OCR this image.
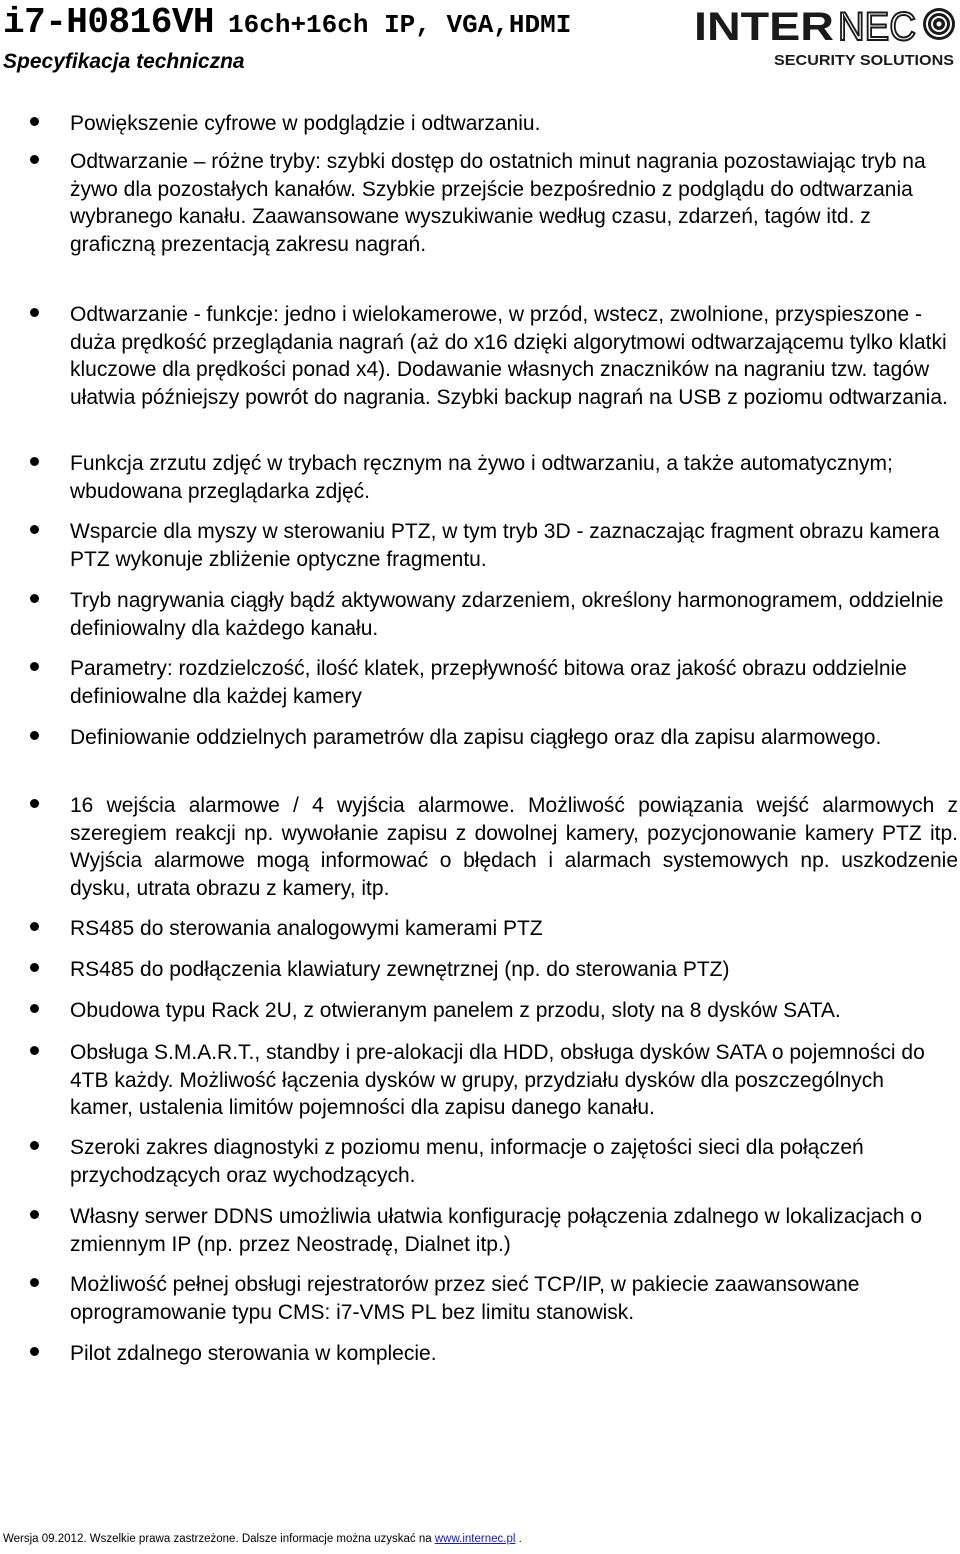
i7-H0816VH 16ch+16ch IP, VGA,HDMI
Specyfikacja techniczna
INTER NEC
SECURITY SOLUTIONS
Powiększenie cyfrowe w podglądzie i odtwarzaniu.
Odtwarzanie – różne tryby: szybki dostęp do ostatnich minut nagrania pozostawiając tryb na żywo dla pozostałych kanałów. Szybkie przejście bezpośrednio z podglądu do odtwarzania wybranego kanału. Zaawansowane wyszukiwanie według czasu, zdarzeń, tagów itd. z graficzną prezentacją zakresu nagrań.
Odtwarzanie - funkcje: jedno i wielokamerowe, w przód, wstecz, zwolnione, przyspieszone - duża prędkość przeglądania nagrań (aż do x16 dzięki algorytmowi odtwarzającemu tylko klatki kluczowe dla prędkości ponad x4). Dodawanie własnych znaczników na nagraniu tzw. tagów ułatwia późniejszy powrót do nagrania. Szybki backup nagrań na USB z poziomu odtwarzania.
Funkcja zrzutu zdjęć w trybach ręcznym na żywo i odtwarzaniu, a także automatycznym; wbudowana przeglądarka zdjęć.
Wsparcie dla myszy w sterowaniu PTZ, w tym tryb 3D - zaznaczając fragment obrazu kamera PTZ wykonuje zbliżenie optyczne fragmentu.
Tryb nagrywania ciągły bądź aktywowany zdarzeniem, określony harmonogramem, oddzielnie definiowalny dla każdego kanału.
Parametry: rozdzielczość, ilość klatek, przepływność bitowa oraz jakość obrazu oddzielnie definiowalne dla każdej kamery
Definiowanie oddzielnych parametrów dla zapisu ciągłego oraz dla zapisu alarmowego.
16 wejścia alarmowe / 4 wyjścia alarmowe. Możliwość powiązania wejść alarmowych z szeregiem reakcji np. wywołanie zapisu z dowolnej kamery, pozycjonowanie kamery PTZ itp. Wyjścia alarmowe mogą informować o błędach i alarmach systemowych np. uszkodzenie dysku, utrata obrazu z kamery, itp.
RS485 do sterowania analogowymi kamerami PTZ
RS485 do podłączenia klawiatury zewnętrznej (np. do sterowania PTZ)
Obudowa typu Rack 2U, z otwieranym panelem z przodu, sloty na 8 dysków SATA.
Obsługa S.M.A.R.T., standby i pre-alokacji dla HDD, obsługa dysków SATA o pojemności do 4TB każdy. Możliwość łączenia dysków w grupy, przydziału dysków dla poszczególnych kamer, ustalenia limitów pojemności dla zapisu danego kanału.
Szeroki zakres diagnostyki z poziomu menu, informacje o zajętości sieci dla połączeń przychodzących oraz wychodzących.
Własny serwer DDNS umożliwia ułatwia konfigurację połączenia zdalnego w lokalizacjach o zmiennym IP (np. przez Neostradę, Dialnet itp.)
Możliwość pełnej obsługi rejestratorów przez sieć TCP/IP, w pakiecie zaawansowane oprogramowanie typu CMS: i7-VMS PL bez limitu stanowisk.
Pilot zdalnego sterowania w komplecie.
Wersja 09.2012. Wszelkie prawa zastrzeżone. Dalsze informacje można uzyskać na www.internec.pl .
